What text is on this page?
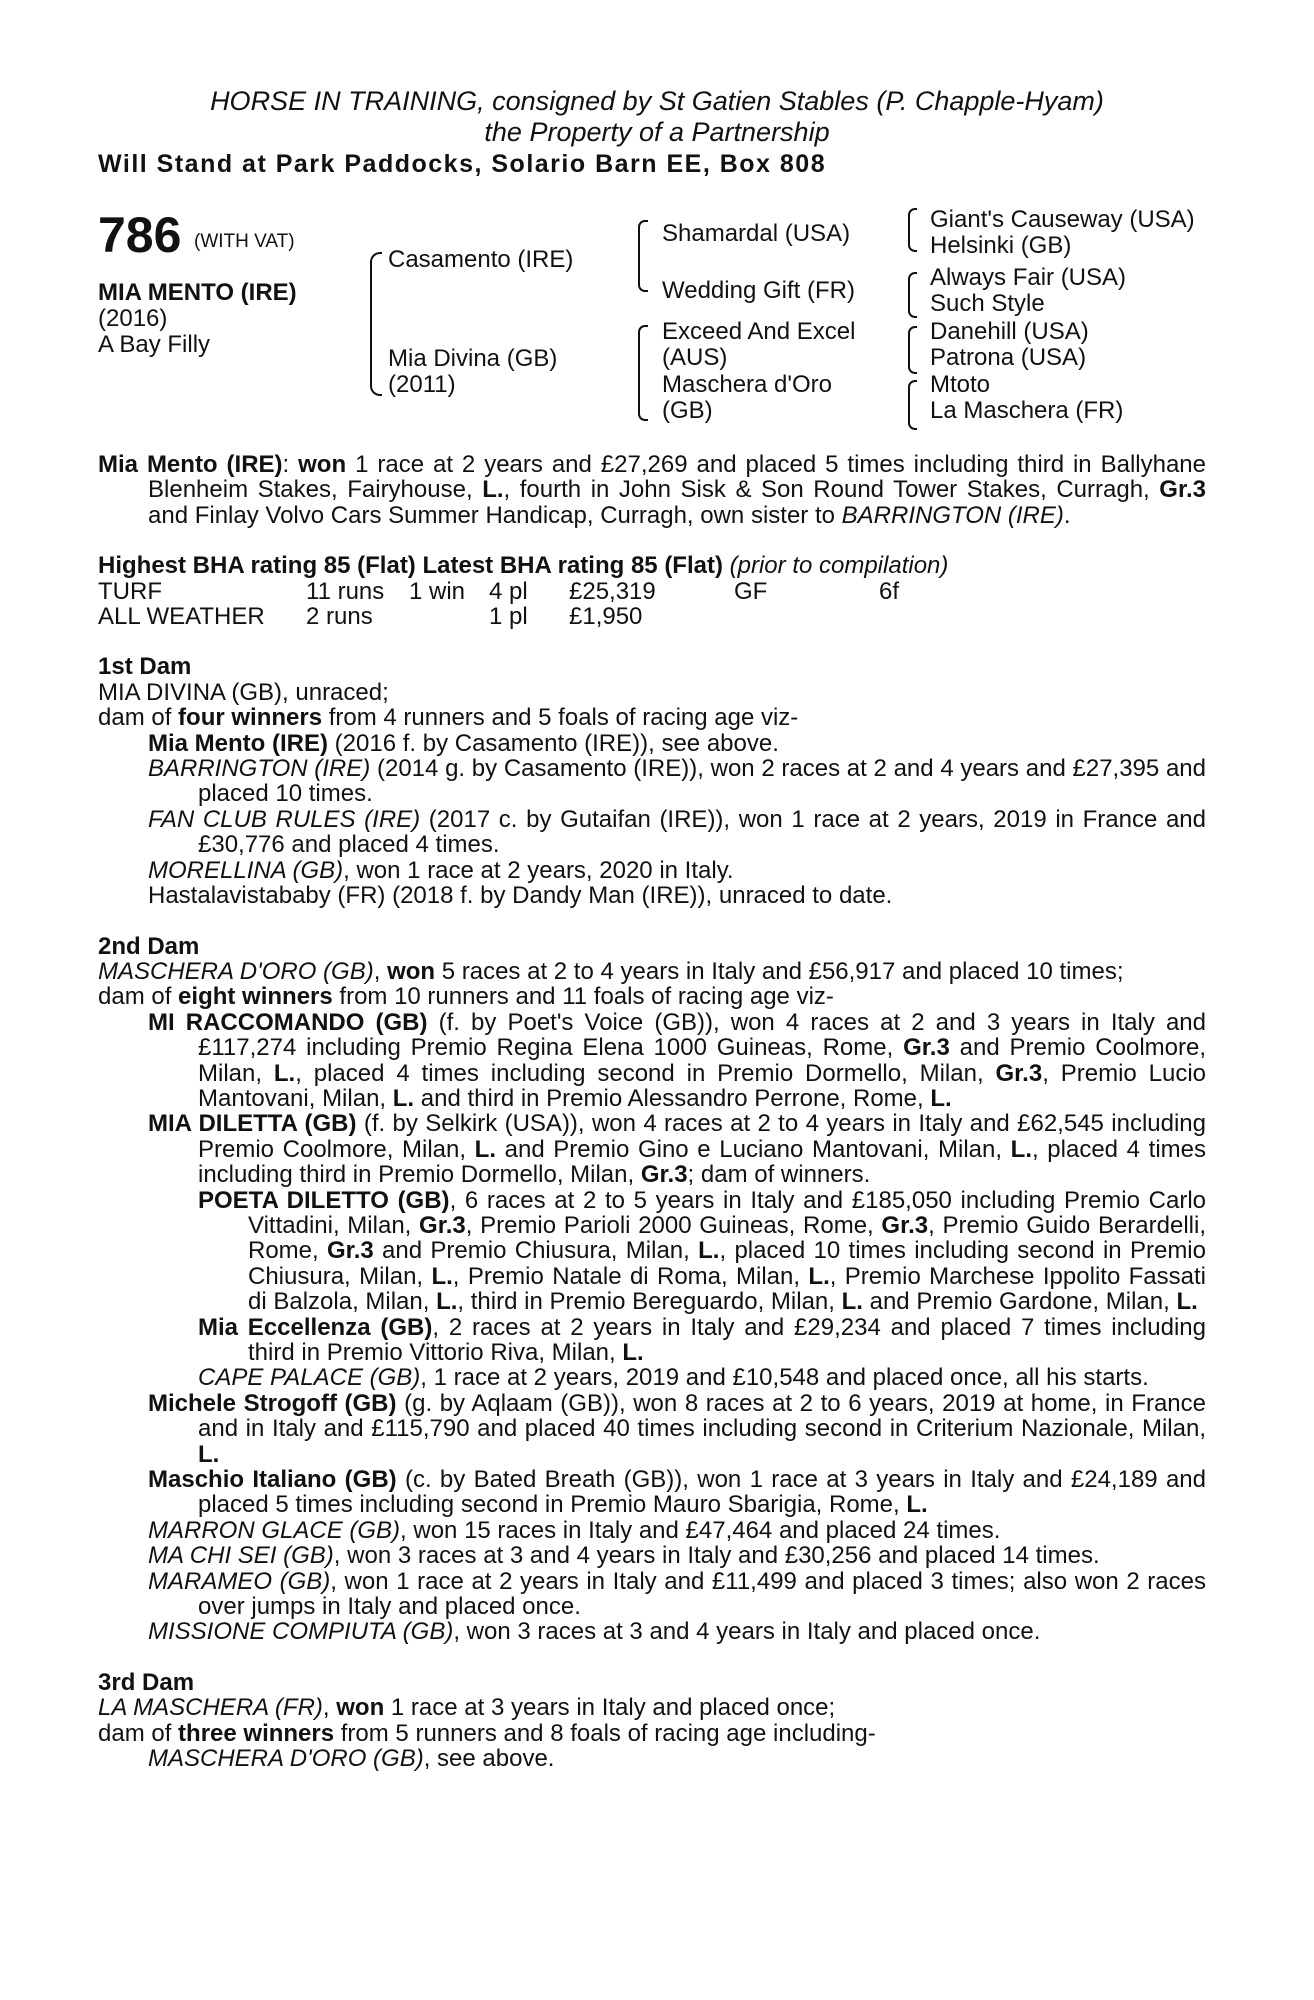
HORSE IN TRAINING, consigned by St Gatien Stables (P. Chapple-Hyam)
the Property of a Partnership
Will Stand at Park Paddocks, Solario Barn EE, Box 808
786 (WITH VAT)
MIA MENTO (IRE)
(2016)
A Bay Filly
Casamento (IRE)
Mia Divina (GB)
(2011)
Shamardal (USA)
Wedding Gift (FR)
Exceed And Excel
(AUS)
Maschera d'Oro
(GB)
Giant's Causeway (USA)
Helsinki (GB)
Always Fair (USA)
Such Style
Danehill (USA)
Patrona (USA)
Mtoto
La Maschera (FR)

Mia Mento (IRE): won 1 race at 2 years and £27,269 and placed 5 times including third in Ballyhane Blenheim Stakes, Fairyhouse, L., fourth in John Sisk & Son Round Tower Stakes, Curragh, Gr.3 and Finlay Volvo Cars Summer Handicap, Curragh, own sister to BARRINGTON (IRE).

Highest BHA rating 85 (Flat) Latest BHA rating 85 (Flat) (prior to compilation)

TURF	11 runs	1 win	4 pl	£25,319	GF	6f
ALL WEATHER	2 runs		1 pl	£1,950		

1st Dam

MIA DIVINA (GB), unraced;

dam of four winners from 4 runners and 5 foals of racing age viz-

Mia Mento (IRE) (2016 f. by Casamento (IRE)), see above.

BARRINGTON (IRE) (2014 g. by Casamento (IRE)), won 2 races at 2 and 4 years and £27,395 and placed 10 times.

FAN CLUB RULES (IRE) (2017 c. by Gutaifan (IRE)), won 1 race at 2 years, 2019 in France and £30,776 and placed 4 times.

MORELLINA (GB), won 1 race at 2 years, 2020 in Italy.

Hastalavistababy (FR) (2018 f. by Dandy Man (IRE)), unraced to date.

2nd Dam

MASCHERA D'ORO (GB), won 5 races at 2 to 4 years in Italy and £56,917 and placed 10 times;

dam of eight winners from 10 runners and 11 foals of racing age viz-

MI RACCOMANDO (GB) (f. by Poet's Voice (GB)), won 4 races at 2 and 3 years in Italy and £117,274 including Premio Regina Elena 1000 Guineas, Rome, Gr.3 and Premio Coolmore, Milan, L., placed 4 times including second in Premio Dormello, Milan, Gr.3, Premio Lucio Mantovani, Milan, L. and third in Premio Alessandro Perrone, Rome, L.

MIA DILETTA (GB) (f. by Selkirk (USA)), won 4 races at 2 to 4 years in Italy and £62,545 including Premio Coolmore, Milan, L. and Premio Gino e Luciano Mantovani, Milan, L., placed 4 times including third in Premio Dormello, Milan, Gr.3; dam of winners.

POETA DILETTO (GB), 6 races at 2 to 5 years in Italy and £185,050 including Premio Carlo Vittadini, Milan, Gr.3, Premio Parioli 2000 Guineas, Rome, Gr.3, Premio Guido Berardelli, Rome, Gr.3 and Premio Chiusura, Milan, L., placed 10 times including second in Premio Chiusura, Milan, L., Premio Natale di Roma, Milan, L., Premio Marchese Ippolito Fassati di Balzola, Milan, L., third in Premio Bereguardo, Milan, L. and Premio Gardone, Milan, L.

Mia Eccellenza (GB), 2 races at 2 years in Italy and £29,234 and placed 7 times including third in Premio Vittorio Riva, Milan, L.

CAPE PALACE (GB), 1 race at 2 years, 2019 and £10,548 and placed once, all his starts.

Michele Strogoff (GB) (g. by Aqlaam (GB)), won 8 races at 2 to 6 years, 2019 at home, in France and in Italy and £115,790 and placed 40 times including second in Criterium Nazionale, Milan, L.

Maschio Italiano (GB) (c. by Bated Breath (GB)), won 1 race at 3 years in Italy and £24,189 and placed 5 times including second in Premio Mauro Sbarigia, Rome, L.

MARRON GLACE (GB), won 15 races in Italy and £47,464 and placed 24 times.

MA CHI SEI (GB), won 3 races at 3 and 4 years in Italy and £30,256 and placed 14 times.

MARAMEO (GB), won 1 race at 2 years in Italy and £11,499 and placed 3 times; also won 2 races over jumps in Italy and placed once.

MISSIONE COMPIUTA (GB), won 3 races at 3 and 4 years in Italy and placed once.

3rd Dam

LA MASCHERA (FR), won 1 race at 3 years in Italy and placed once;

dam of three winners from 5 runners and 8 foals of racing age including-

MASCHERA D'ORO (GB), see above.
